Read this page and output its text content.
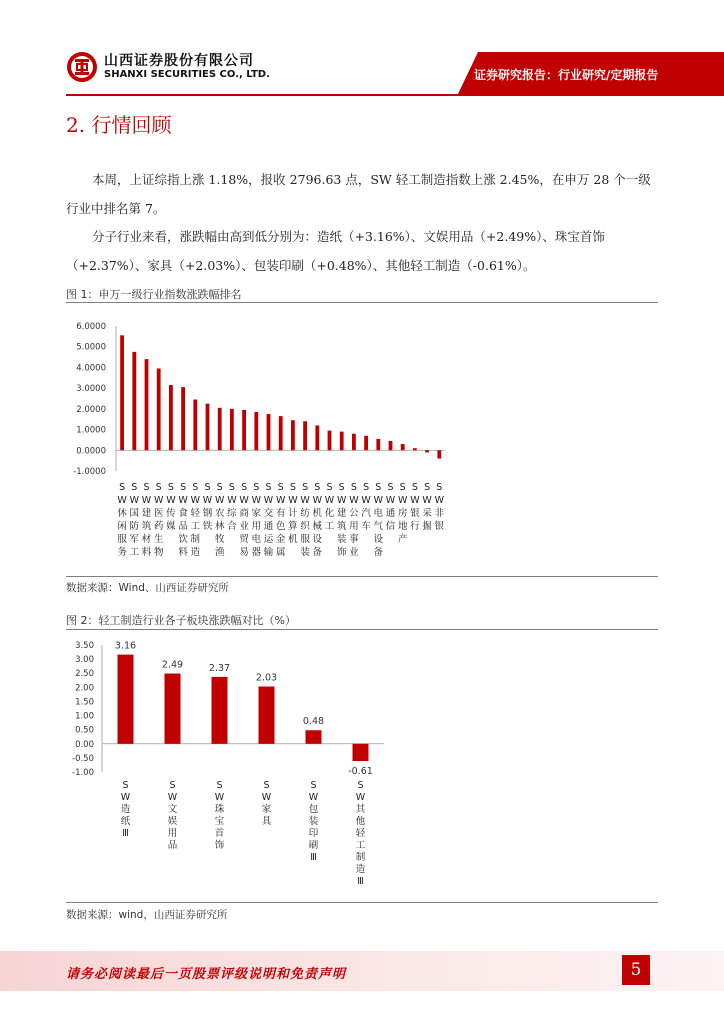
山西证券股份有限公司
SHANXI SECURITIES CO., LTD.	证券研究报告：行业研究/定期报告
2. 行情回顾
本周，上证综指上涨 1.18%，报收 2796.63 点，SW 轻工制造指数上涨 2.45%，在申万 28 个一级行业中排名第 7。
分子行业来看，涨跌幅由高到低分别为：造纸（+3.16%）、文娱用品（+2.49%）、珠宝首饰（+2.37%）、家具（+2.03%）、包装印刷（+0.48%）、其他轻工制造（-0.61%）。
图 1：申万一级行业指数涨跌幅排名
6.0000
5.0000
4.0000
3.0000
2.0000
1.0000
0.0000
-1.0000
S
W
休
闲
服
务
S
W
国
防
军
工
S
W
建
筑
材
料
S
W
医
药
生
物
S
W
传
媒
S
W
食
品
饮
料
S
W
轻
工
制
造
S
W
钢
铁
S
W
农
林
牧
渔
S
W
综
合
S
W
商
业
贸
易
S
W
家
用
电
器
S
W
交
通
运
输
S
W
有
色
金
属
S
W
计
算
机
S
W
纺
织
服
装
S
W
机
械
设
备
S
W
化
工
S
W
建
筑
装
饰
S
W
公
用
事
业
S
W
汽
车
S
W
电
气
设
备
S
W
通
信
S
W
房
地
产
S
W
银
行
S
W
采
掘
S
W
非
银
数据来源：Wind、山西证券研究所
图 2：轻工制造行业各子板块涨跌幅对比（%）
3.50
3.00
2.50
2.00
1.50
1.00
0.50
0.00
-0.50
-1.00
3.16
S
W
造
纸
Ⅲ
2.49
S
W
文
娱
用
品
2.37
S
W
珠
宝
首
饰
2.03
S
W
家
具
0.48
S
W
包
装
印
刷
Ⅲ
-0.61
S
W
其
他
轻
工
制
造
Ⅲ
数据来源：wind，山西证券研究所
请务必阅读最后一页股票评级说明和免责声明	5
